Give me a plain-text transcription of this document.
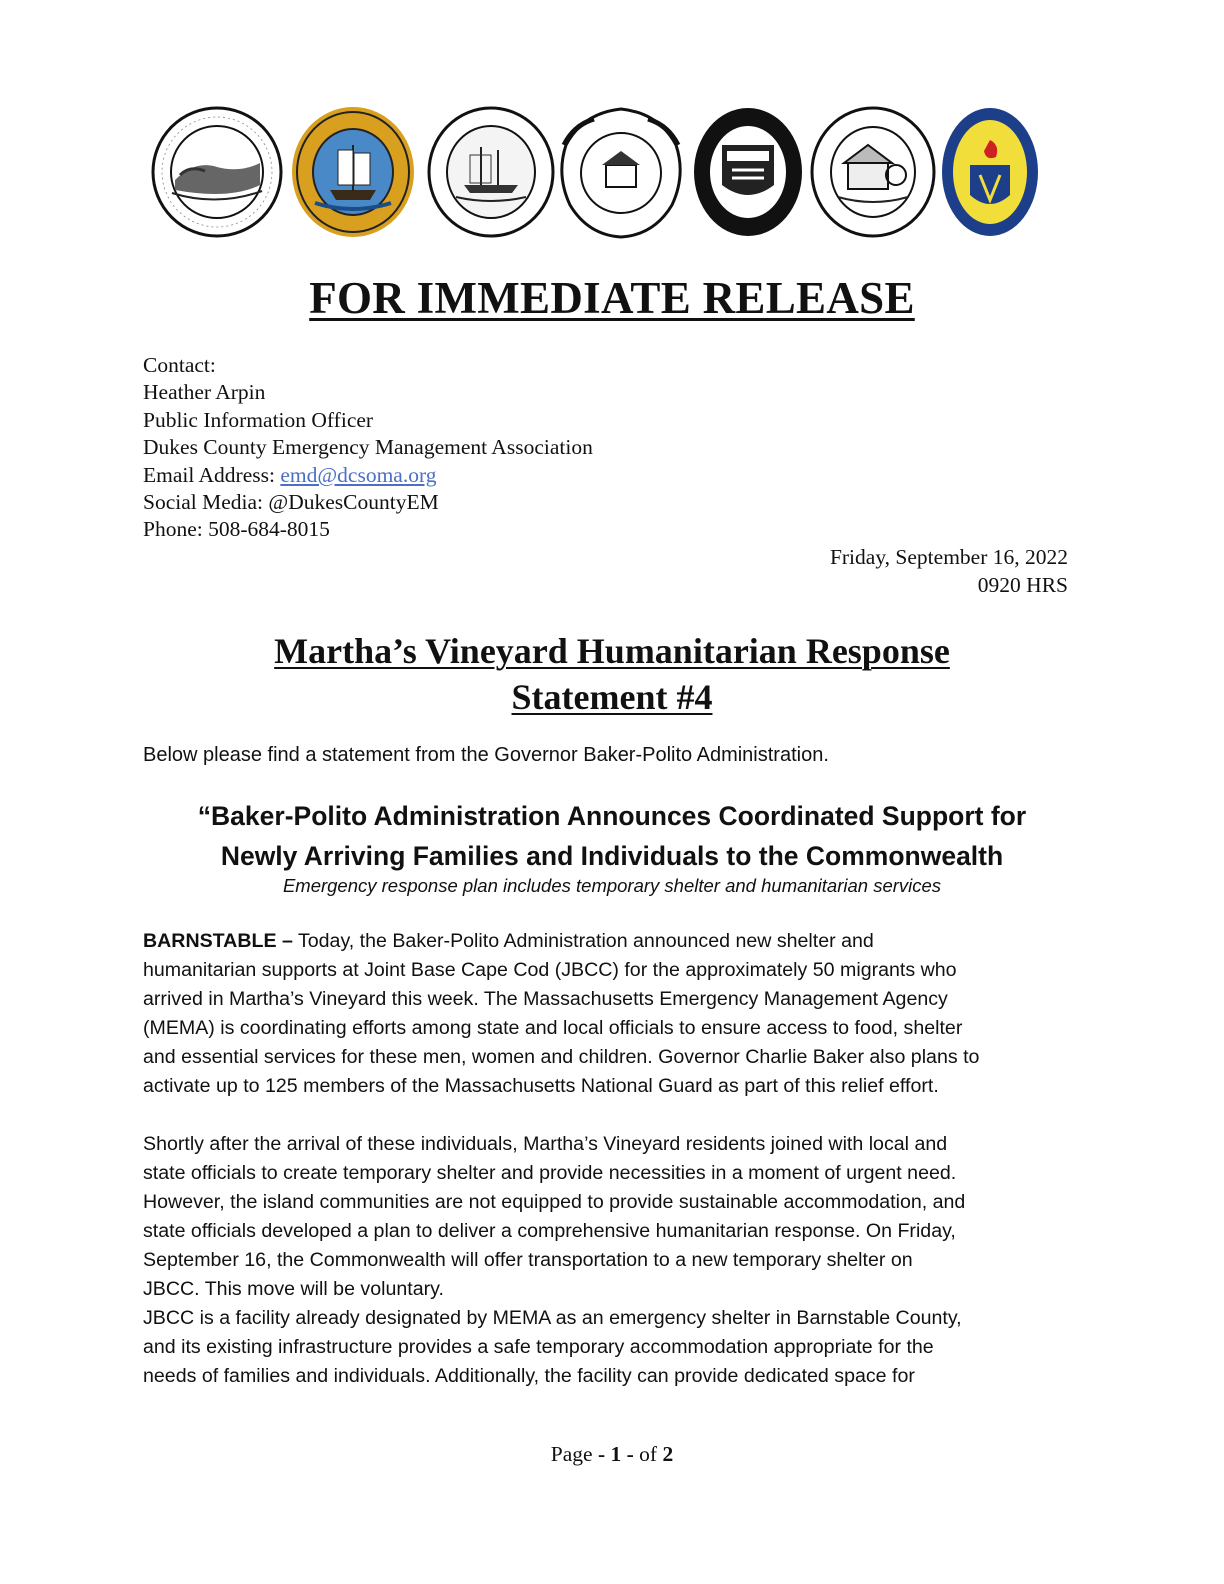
FOR IMMEDIATE RELEASE
Contact:
Heather Arpin
Public Information Officer
Dukes County Emergency Management Association
Email Address: emd@dcsoma.org
Social Media: @DukesCountyEM
Phone: 508-684-8015
Friday, September 16, 2022
0920 HRS
Martha’s Vineyard Humanitarian Response
Statement #4
Below please find a statement from the Governor Baker-Polito Administration.
“Baker-Polito Administration Announces Coordinated Support for
Newly Arriving Families and Individuals to the Commonwealth
Emergency response plan includes temporary shelter and humanitarian services
BARNSTABLE – Today, the Baker-Polito Administration announced new shelter and
humanitarian supports at Joint Base Cape Cod (JBCC) for the approximately 50 migrants who
arrived in Martha’s Vineyard this week. The Massachusetts Emergency Management Agency
(MEMA) is coordinating efforts among state and local officials to ensure access to food, shelter
and essential services for these men, women and children. Governor Charlie Baker also plans to
activate up to 125 members of the Massachusetts National Guard as part of this relief effort.
Shortly after the arrival of these individuals, Martha’s Vineyard residents joined with local and
state officials to create temporary shelter and provide necessities in a moment of urgent need.
However, the island communities are not equipped to provide sustainable accommodation, and
state officials developed a plan to deliver a comprehensive humanitarian response. On Friday,
September 16, the Commonwealth will offer transportation to a new temporary shelter on
JBCC. This move will be voluntary.
JBCC is a facility already designated by MEMA as an emergency shelter in Barnstable County,
and its existing infrastructure provides a safe temporary accommodation appropriate for the
needs of families and individuals. Additionally, the facility can provide dedicated space for
Page - 1 - of 2
